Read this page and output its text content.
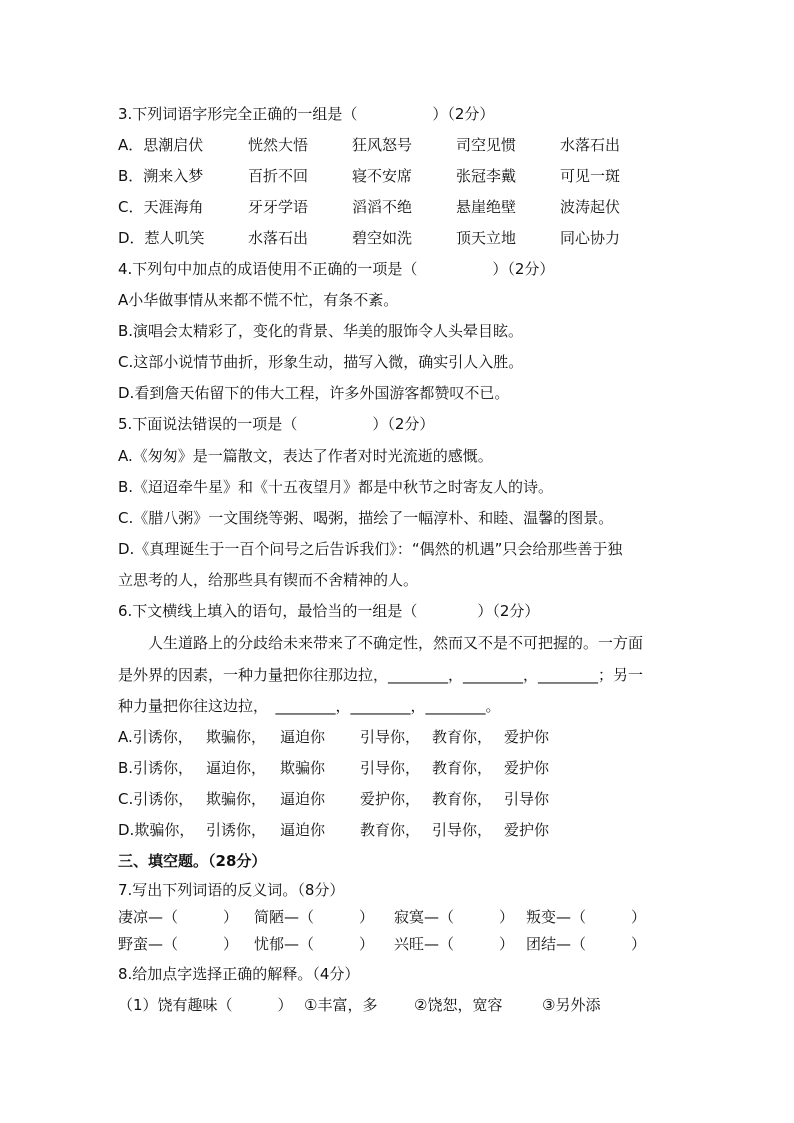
3.下列词语字形完全正确的一组是（　　　　　）（2分）
A．思潮启伏	恍然大悟	狂风怒号	司空见惯	水落石出
B．溯来入梦	百折不回	寝不安席	张冠李戴	可见一斑
C．天涯海角	牙牙学语	滔滔不绝	悬崖绝壁	波涛起伏
D．惹人叽笑	水落石出	碧空如洗	顶天立地	同心协力
4.下列句中加点的成语使用不正确的一项是（　　　　　）（2分）
A小华做事情从来都不慌不忙，有条不紊。
B.演唱会太精彩了，变化的背景、华美的服饰令人头晕目眩。
C.这部小说情节曲折，形象生动，描写入微，确实引人入胜。
D.看到詹天佑留下的伟大工程，许多外国游客都赞叹不已。
5.下面说法错误的一项是（　　　　　）（2分）
A.《匆匆》是一篇散文，表达了作者对时光流逝的感慨。
B.《迢迢牵牛星》和《十五夜望月》都是中秋节之时寄友人的诗。
C.《腊八粥》一文围绕等粥、喝粥，描绘了一幅淳朴、和睦、温馨的图景。
D.《真理诞生于一百个问号之后告诉我们》：“偶然的机遇”只会给那些善于独
立思考的人，给那些具有锲而不舍精神的人。
6.下文横线上填入的语句，最恰当的一组是（　　　　）（2分）
人生道路上的分歧给未来带来了不确定性，然而又不是不可把握的。一方面
是外界的因素，一种力量把你往那边拉，________，________，________；另一
种力量把你往这边拉，　________，________，________。
A.引诱你， 欺骗你， 逼迫你 引导你， 教育你， 爱护你
B.引诱你， 逼迫你， 欺骗你 引导你， 教育你， 爱护你
C.引诱你， 欺骗你， 逼迫你 爱护你， 教育你， 引导你
D.欺骗你， 引诱你， 逼迫你 教育你， 引导你， 爱护你
三、填空题。（28分）
7.写出下列词语的反义词。（8分）
凄凉—（　　　） 简陋—（　　　） 寂寞—（　　　） 叛变—（　　　）
野蛮—（　　　） 忧郁—（　　　） 兴旺—（　　　） 团结—（　　　）
8.给加点字选择正确的解释。（4分）
（1）饶有趣味（　　　） ①丰富，多 ②饶恕，宽容	③另外添
